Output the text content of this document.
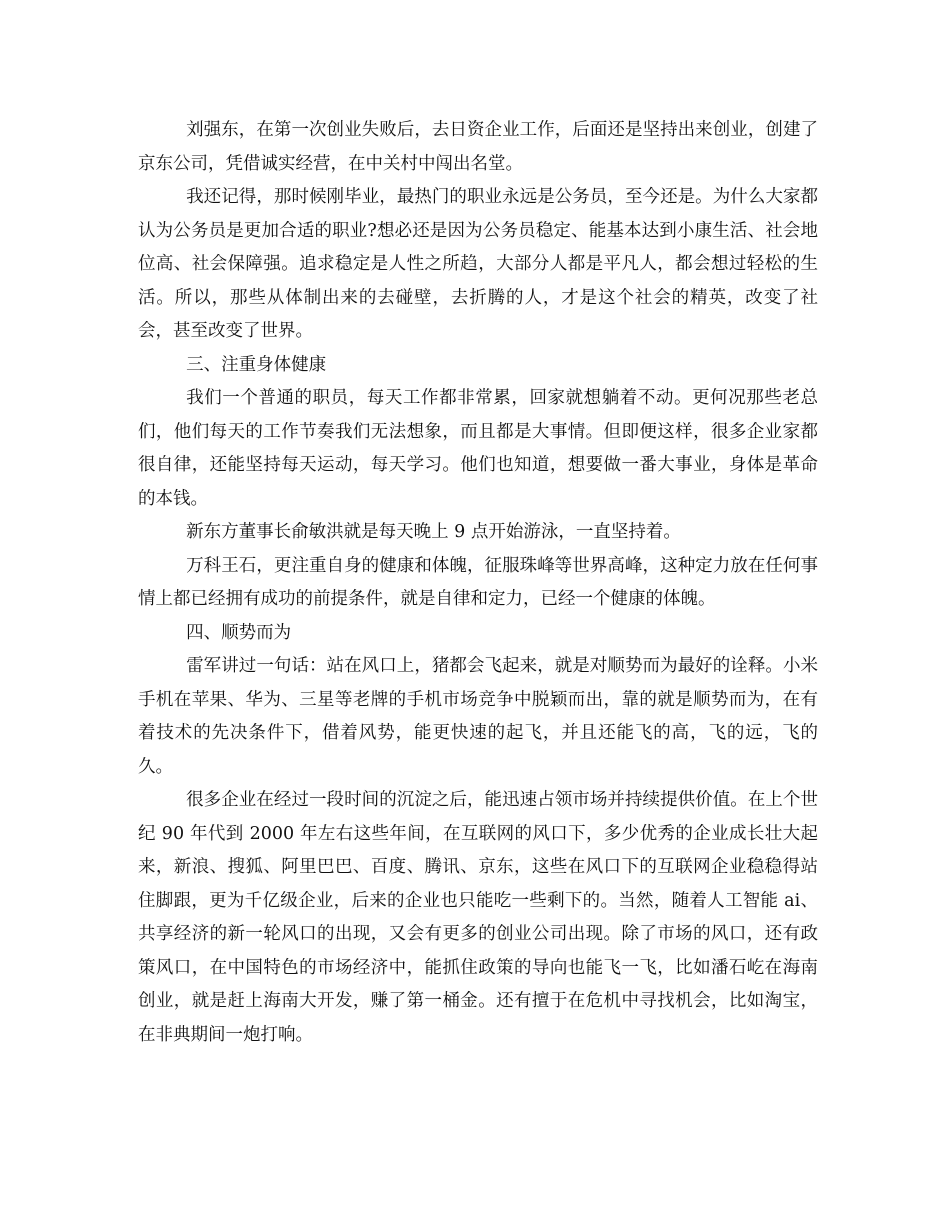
刘强东，在第一次创业失败后，去日资企业工作，后面还是坚持出来创业，创建了京东公司，凭借诚实经营，在中关村中闯出名堂。

我还记得，那时候刚毕业，最热门的职业永远是公务员，至今还是。为什么大家都认为公务员是更加合适的职业?想必还是因为公务员稳定、能基本达到小康生活、社会地位高、社会保障强。追求稳定是人性之所趋，大部分人都是平凡人，都会想过轻松的生活。所以，那些从体制出来的去碰壁，去折腾的人，才是这个社会的精英，改变了社会，甚至改变了世界。

三、注重身体健康

我们一个普通的职员，每天工作都非常累，回家就想躺着不动。更何况那些老总们，他们每天的工作节奏我们无法想象，而且都是大事情。但即便这样，很多企业家都很自律，还能坚持每天运动，每天学习。他们也知道，想要做一番大事业，身体是革命的本钱。

新东方董事长俞敏洪就是每天晚上 9 点开始游泳，一直坚持着。

万科王石，更注重自身的健康和体魄，征服珠峰等世界高峰，这种定力放在任何事情上都已经拥有成功的前提条件，就是自律和定力，已经一个健康的体魄。

四、顺势而为

雷军讲过一句话：站在风口上，猪都会飞起来，就是对顺势而为最好的诠释。小米手机在苹果、华为、三星等老牌的手机市场竞争中脱颖而出，靠的就是顺势而为，在有着技术的先决条件下，借着风势，能更快速的起飞，并且还能飞的高，飞的远，飞的久。

很多企业在经过一段时间的沉淀之后，能迅速占领市场并持续提供价值。在上个世纪 90 年代到 2000 年左右这些年间，在互联网的风口下，多少优秀的企业成长壮大起来，新浪、搜狐、阿里巴巴、百度、腾讯、京东，这些在风口下的互联网企业稳稳得站住脚跟，更为千亿级企业，后来的企业也只能吃一些剩下的。当然，随着人工智能 ai、共享经济的新一轮风口的出现，又会有更多的创业公司出现。除了市场的风口，还有政策风口，在中国特色的市场经济中，能抓住政策的导向也能飞一飞，比如潘石屹在海南创业，就是赶上海南大开发，赚了第一桶金。还有擅于在危机中寻找机会，比如淘宝，在非典期间一炮打响。
